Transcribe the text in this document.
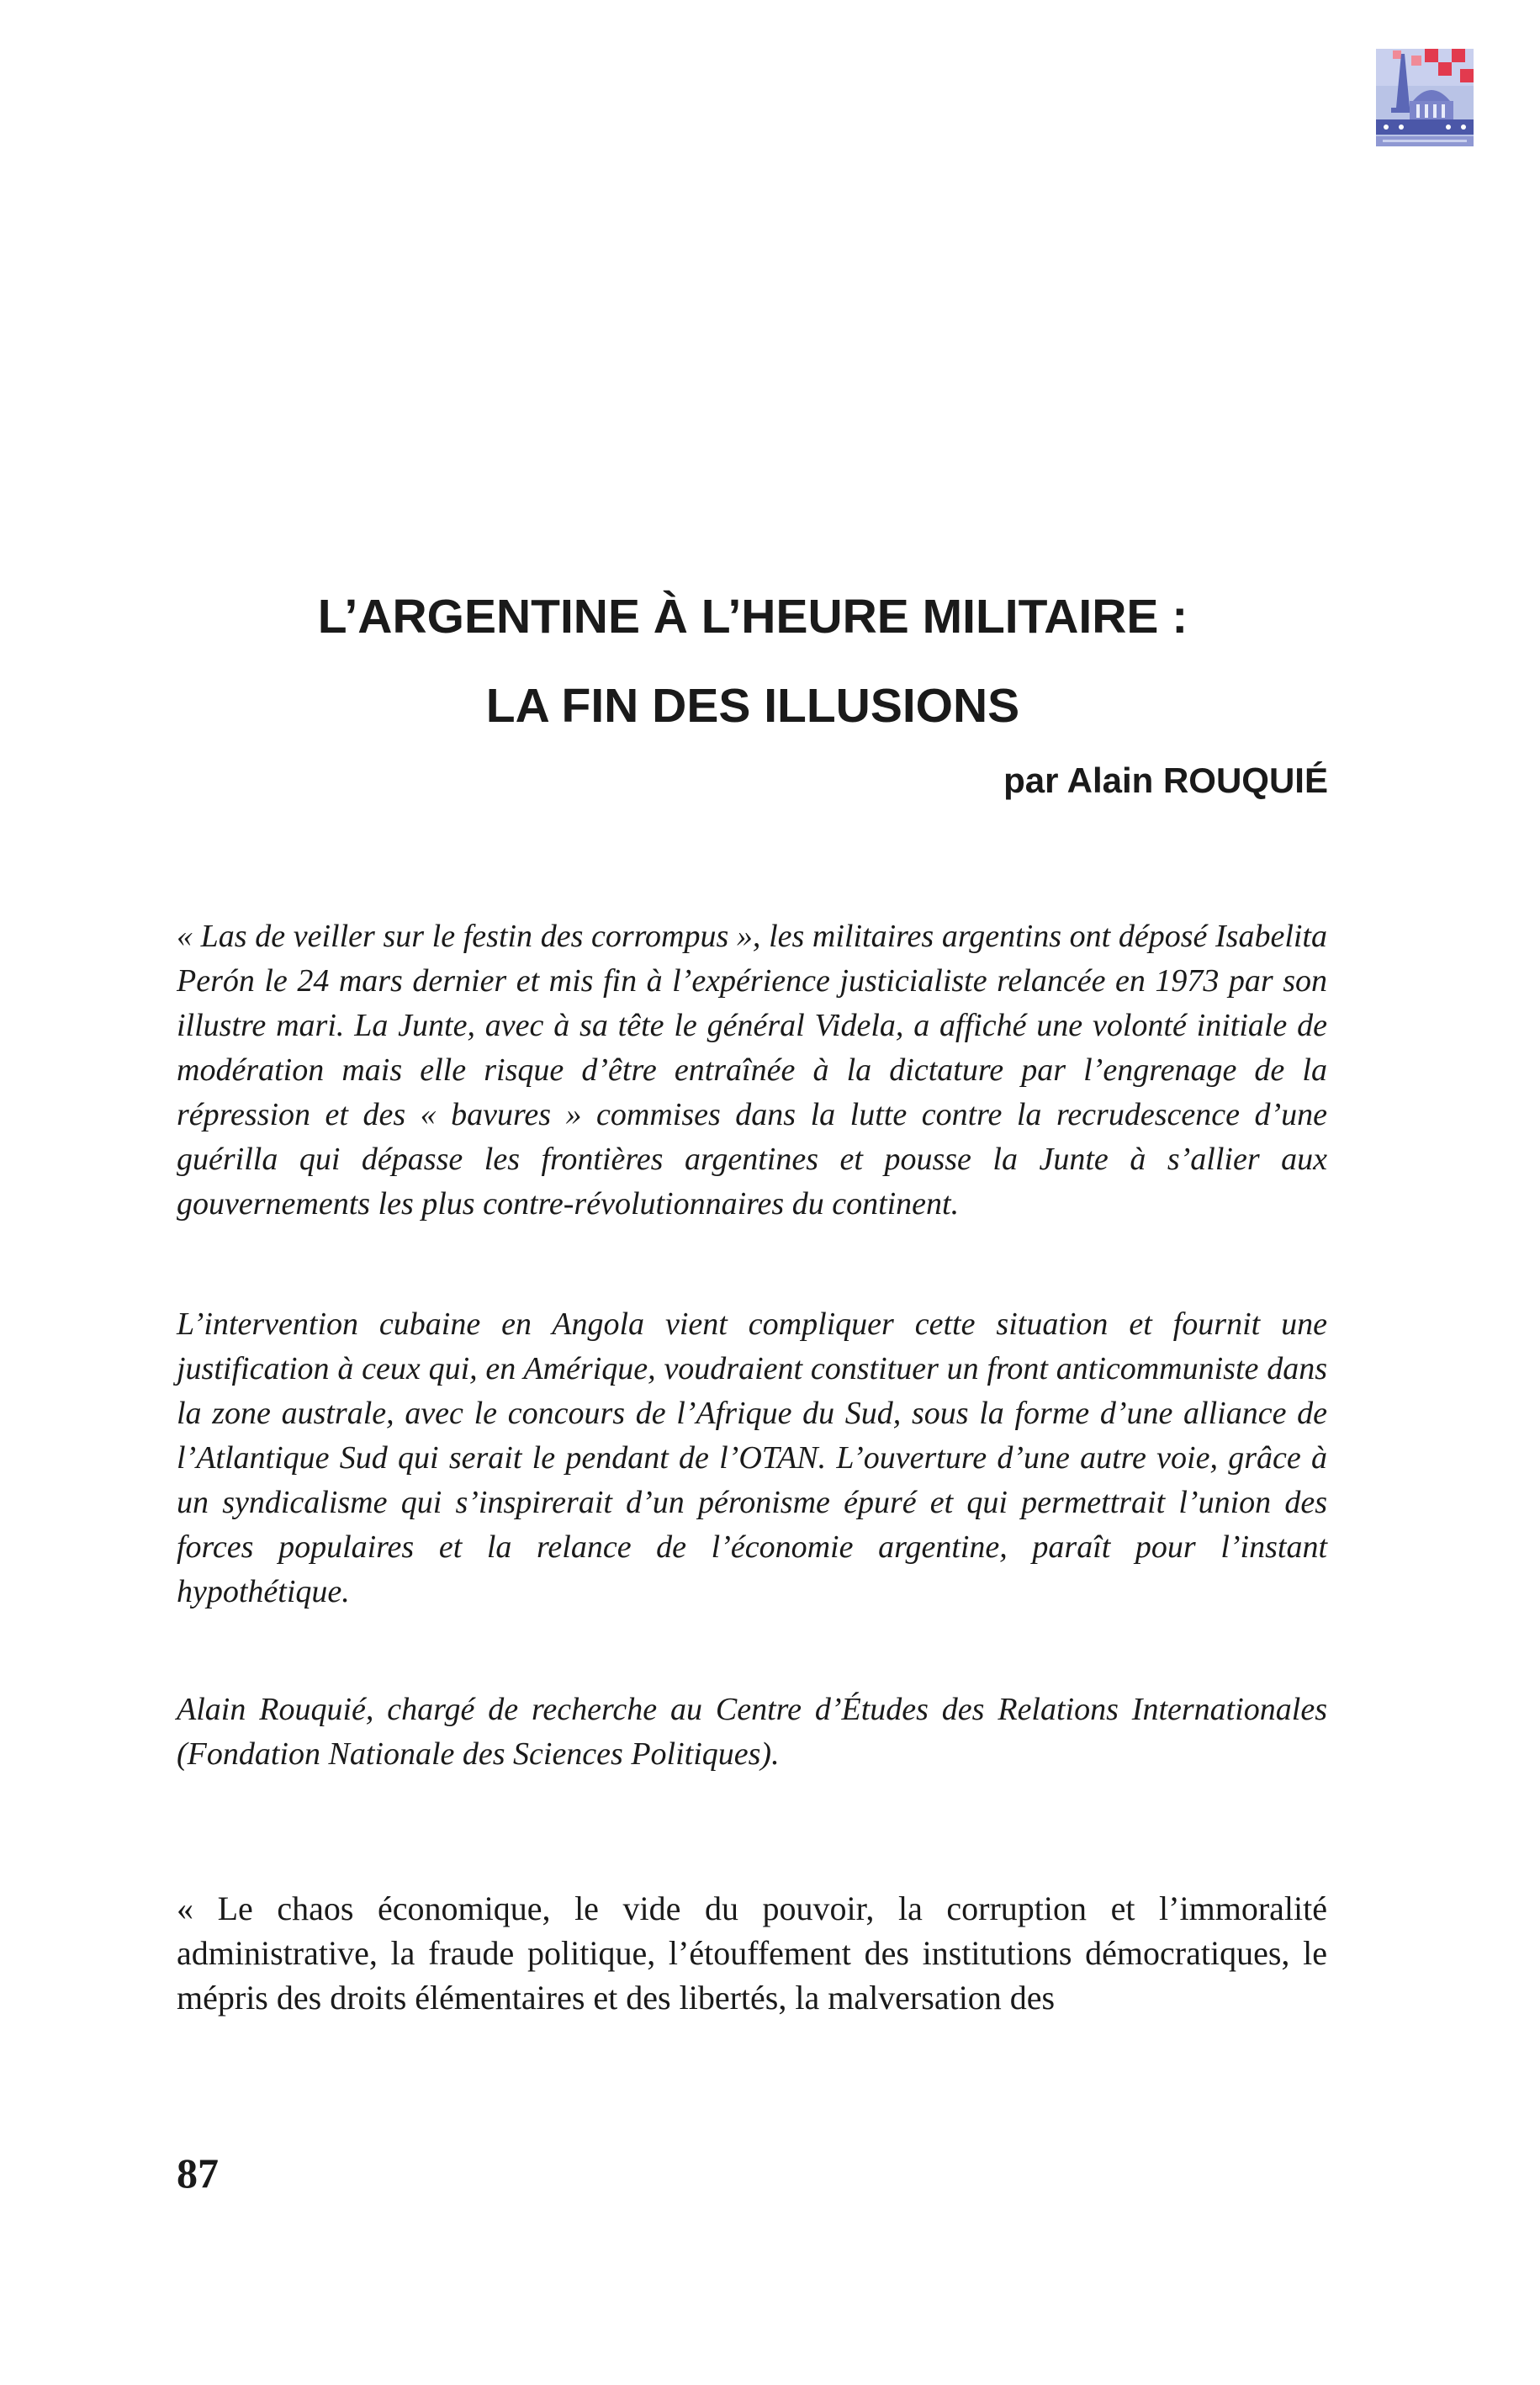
L’ARGENTINE À L’HEURE MILITAIRE :
LA FIN DES ILLUSIONS

par Alain ROUQUIÉ

« Las de veiller sur le festin des corrompus », les militaires argentins ont déposé Isabelita Perón le 24 mars dernier et mis fin à l’expérience justicialiste relancée en 1973 par son illustre mari. La Junte, avec à sa tête le général Videla, a affiché une volonté initiale de modération mais elle risque d’être entraînée à la dictature par l’engrenage de la répression et des « bavures » commises dans la lutte contre la recrudescence d’une guérilla qui dépasse les frontières argentines et pousse la Junte à s’allier aux gouvernements les plus contre-révolutionnaires du continent.

L’intervention cubaine en Angola vient compliquer cette situation et fournit une justification à ceux qui, en Amérique, voudraient constituer un front anticommuniste dans la zone australe, avec le concours de l’Afrique du Sud, sous la forme d’une alliance de l’Atlantique Sud qui serait le pendant de l’OTAN. L’ouverture d’une autre voie, grâce à un syndicalisme qui s’inspirerait d’un péronisme épuré et qui permettrait l’union des forces populaires et la relance de l’économie argentine, paraît pour l’instant hypothétique.

Alain Rouquié, chargé de recherche au Centre d’Études des Relations Internationales (Fondation Nationale des Sciences Politiques).

« Le chaos économique, le vide du pouvoir, la corruption et l’immoralité administrative, la fraude politique, l’étouffement des institutions démocratiques, le mépris des droits élémentaires et des libertés, la malversation des

87
